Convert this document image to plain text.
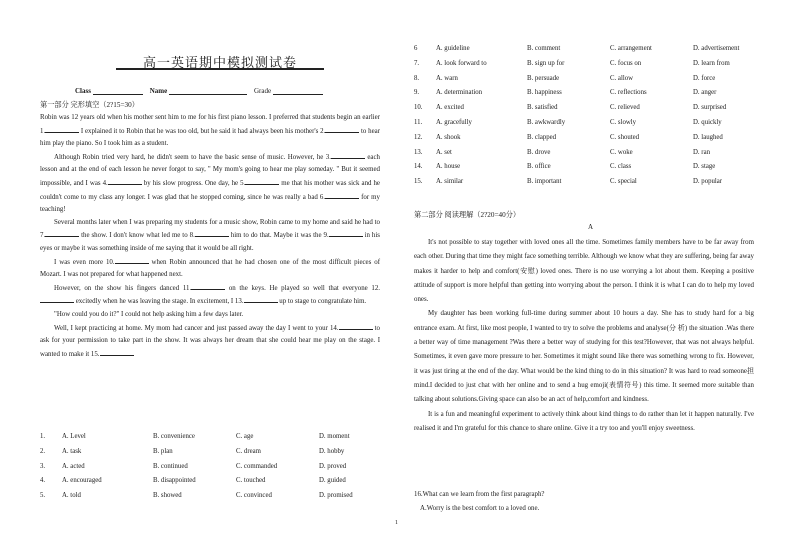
高一英语期中模拟测试卷
Class	Name	Grade
第一部分 完形填空（2?15=30）

Robin was 12 years old when his mother sent him to me for his first piano lesson. I preferred that students begin an earlier 1.	I explained it to Robin that he was too old, but he said it had always been his mother's 2.	to hear him play the piano. So I took him as a student.

Although Robin tried very hard, he didn't seem to have the basic sense of music. However, he 3.	each lesson and at the end of each lesson he never forgot to say, " My mom's going to hear me play someday. " But it seemed impossible, and I was 4.	by his slow progress. One day, he 5.	me that his mother was sick and he couldn't come to my class any longer. I was glad that he stopped coming, since he was really a bad 6.	for my teaching!

Several months later when I was preparing my students for a music show, Robin came to my home and said he had to 7.	the show. I don't know what led me to 8.	him to do that. Maybe it was the 9.	in his eyes or maybe it was something inside of me saying that it would be all right.

I was even more 10.	when Robin announced that he had chosen one of the most difficult pieces of Mozart. I was not prepared for what happened next.

However, on the show his fingers danced 11.	on the keys. He played so well that everyone 12. excitedly when he was leaving the stage. In excitement, I 13.	up to stage to congratulate him.

"How could you do it?" I could not help asking him a few days later.

Well, I kept practicing at home. My mom had cancer and just passed away the day I went to your 14.	to ask for your permission to take part in the show. It was always her dream that she could hear me play on the stage. I wanted to make it 15.

1. A. Level	B. convenience	C. age	D. moment
2. A. task	B. plan	C. dream	D. hobby
3. A. acted	B. continued	C. commanded	D. proved
4. A. encouraged	B. disappointed	C. touched	D. guided
5. A. told	B. showed	C. convinced	D. promised
1
6	A. guideline	B. comment	C. arrangement	D. advertisement
7. A. look forward to	B. sign up for	C. focus on	D. learn from
8. A. warn	B. persuade	C. allow	D. force
9. A. determination	B. happiness	C. reflections	D. anger
10. A. excited	B. satisfied	C. relieved	D. surprised
11. A. gracefully	B. awkwardly	C. slowly	D. quickly
12. A. shook	B. clapped	C. shouted	D. laughed
13. A. set	B. drove	C. woke	D. ran
14. A. house	B. office	C. class	D. stage
15. A. similar	B. important	C. special	D. popular
第二部分 阅读理解（2?20=40分）
A

It's not possible to stay together with loved ones all the time. Sometimes family members have to be far away from each other. During that time they might face something terrible. Although we know what they are suffering, being far away makes it harder to help and comfort(安慰) loved ones. There is no use worrying a lot about them. Keeping a positive attitude of support is more helpful than getting into worrying about the person. I think it is what I can do to help my loved ones.

My daughter has been working full-time during summer about 10 hours a day. She has to study hard for a big entrance exam. At first, like most people, I wanted to try to solve the problems and analyse(分 析) the situation .Was there a better way of time management ?Was there a better way of studying for this test?However, that was not always helpful. Sometimes, it even gave more pressure to her. Sometimes it might sound like there was something wrong to fix. However, it was just tiring at the end of the day. What would be the kind thing to do in this situation? It was hard to read someone担 mind.I decided to just chat with her online and to send a hug emoji(表情符号) this time. It seemed more suitable than talking about solutions.Giving space can also be an act of help,comfort and kindness.

It is a fun and meaningful experiment to actively think about kind things to do rather than let it happen naturally. I've realised it and I'm grateful for this chance to share online. Give it a try too and you'll enjoy sweetness.

16.What can we learn from the first paragraph?
A.Worry is the best comfort to a loved one.
